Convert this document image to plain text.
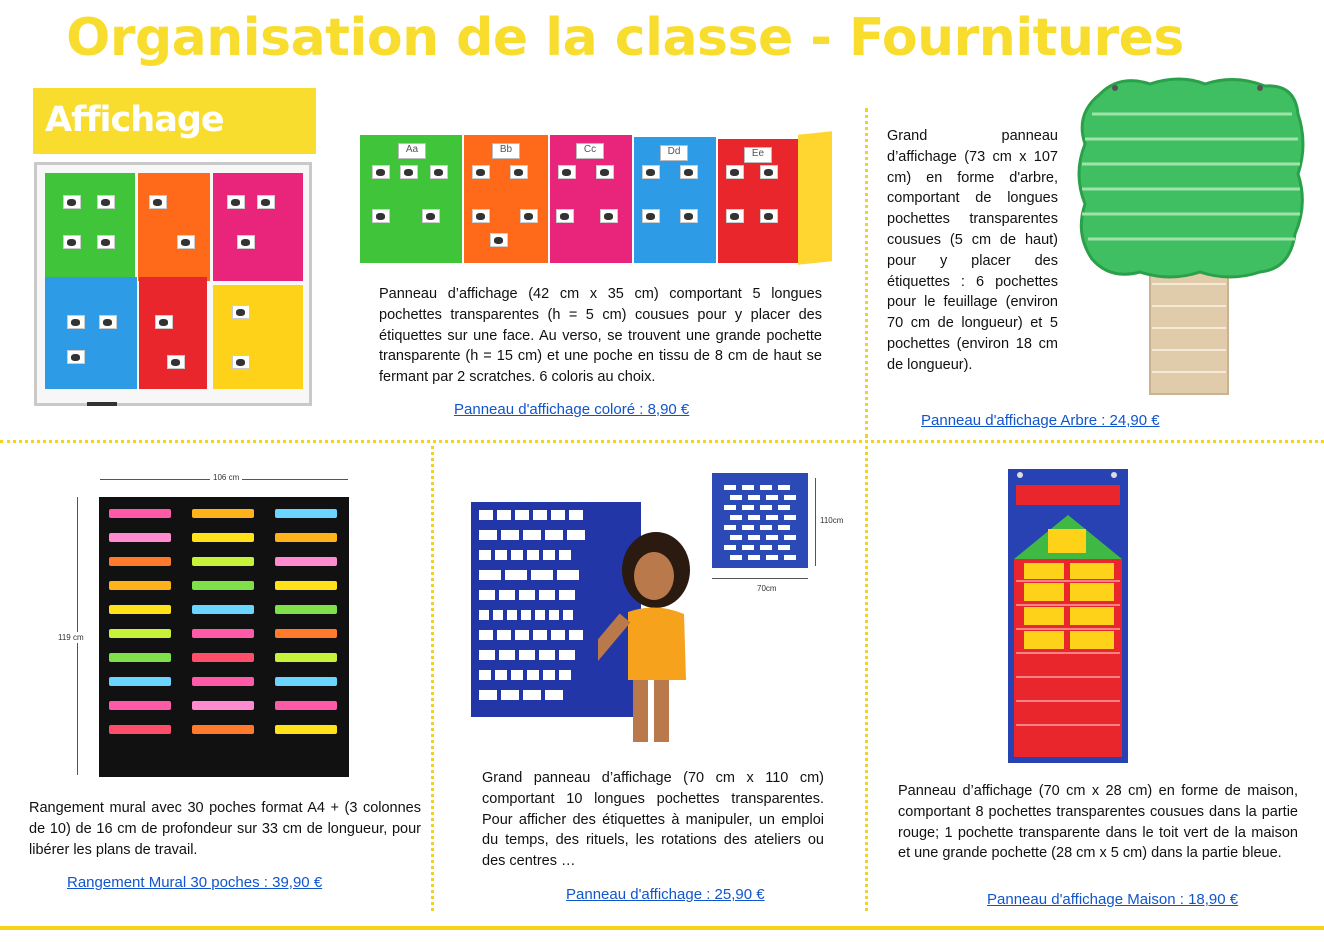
Organisation de la classe - Fournitures
Affichage
Aa	Bb	Cc	Dd	Ee
Panneau d’affichage (42 cm x 35 cm) comportant 5 longues pochettes transparentes (h = 5 cm) cousues pour y placer des étiquettes sur une face. Au verso, se trouvent une grande pochette transparente (h = 15 cm) et une poche en tissu de 8 cm de haut se fermant par 2 scratches. 6 coloris au choix.
Panneau d'affichage coloré : 8,90 €
Grand panneau d’affichage (73 cm x 107 cm) en forme d'arbre, comportant de longues pochettes transparentes cousues (5 cm de haut) pour y placer des étiquettes : 6 pochettes pour le feuillage (environ 70 cm de longueur) et 5 pochettes (environ 18 cm de longueur).
Panneau d'affichage Arbre : 24,90 €
106 cm
119 cm
Rangement mural avec 30 poches format A4 + (3 colonnes de 10) de 16 cm de profondeur sur 33 cm de longueur, pour libérer les plans de travail.
Rangement Mural 30 poches : 39,90 €
110cm
70cm
Grand panneau d’affichage (70 cm x 110 cm) comportant 10 longues pochettes transparentes. Pour afficher des étiquettes à manipuler, un emploi du temps, des rituels, les rotations des ateliers ou des centres …
Panneau d'affichage : 25,90 €
Panneau d’affichage (70 cm x 28 cm) en forme de maison, comportant 8 pochettes transparentes cousues dans la partie rouge; 1 pochette transparente dans le toit vert de la maison et une grande pochette (28 cm x 5 cm) dans la partie bleue.
Panneau d'affichage Maison : 18,90 €
